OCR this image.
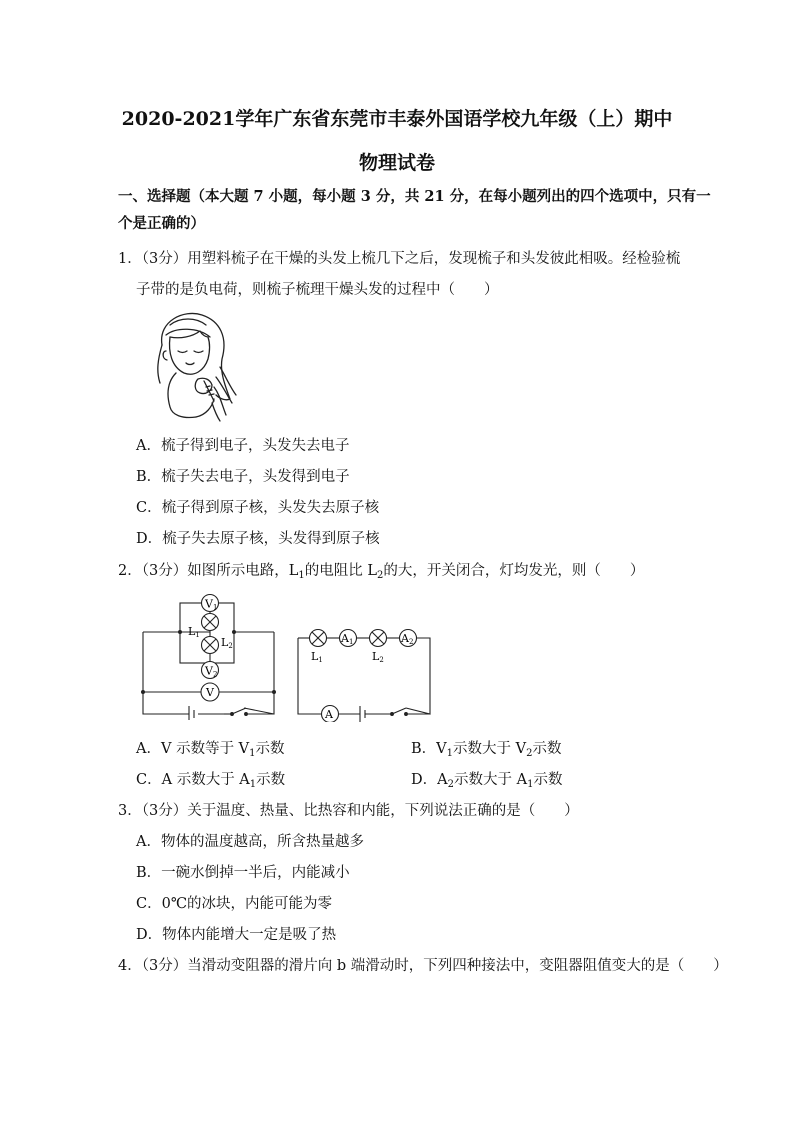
2020-2021学年广东省东莞市丰泰外国语学校九年级（上）期中
物理试卷
一、选择题（本大题 7 小题，每小题 3 分，共 21 分，在每小题列出的四个选项中，只有一
个是正确的）
1．（3分）用塑料梳子在干燥的头发上梳几下之后，发现梳子和头发彼此相吸。经检验梳
子带的是负电荷，则梳子梳理干燥头发的过程中（　　）
A．梳子得到电子，头发失去电子
B．梳子失去电子，头发得到电子
C．梳子得到原子核，头发失去原子核
D．梳子失去原子核，头发得到原子核
2．（3分）如图所示电路，$L_1$的电阻比 $L_2$的大，开关闭合，灯均发光，则（　　）
V1
V2
V
L1
L2
A1	A2
A
L1	L2
A．V 示数等于 $V_1$示数	B．$V_1$示数大于 $V_2$示数
C．A 示数大于 $A_1$示数	D．$A_2$示数大于 $A_1$示数
3．（3分）关于温度、热量、比热容和内能，下列说法正确的是（　　）
A．物体的温度越高，所含热量越多
B．一碗水倒掉一半后，内能减小
C．0℃的冰块，内能可能为零
D．物体内能增大一定是吸了热
4．（3分）当滑动变阻器的滑片向 b 端滑动时，下列四种接法中，变阻器阻值变大的是（　　）
